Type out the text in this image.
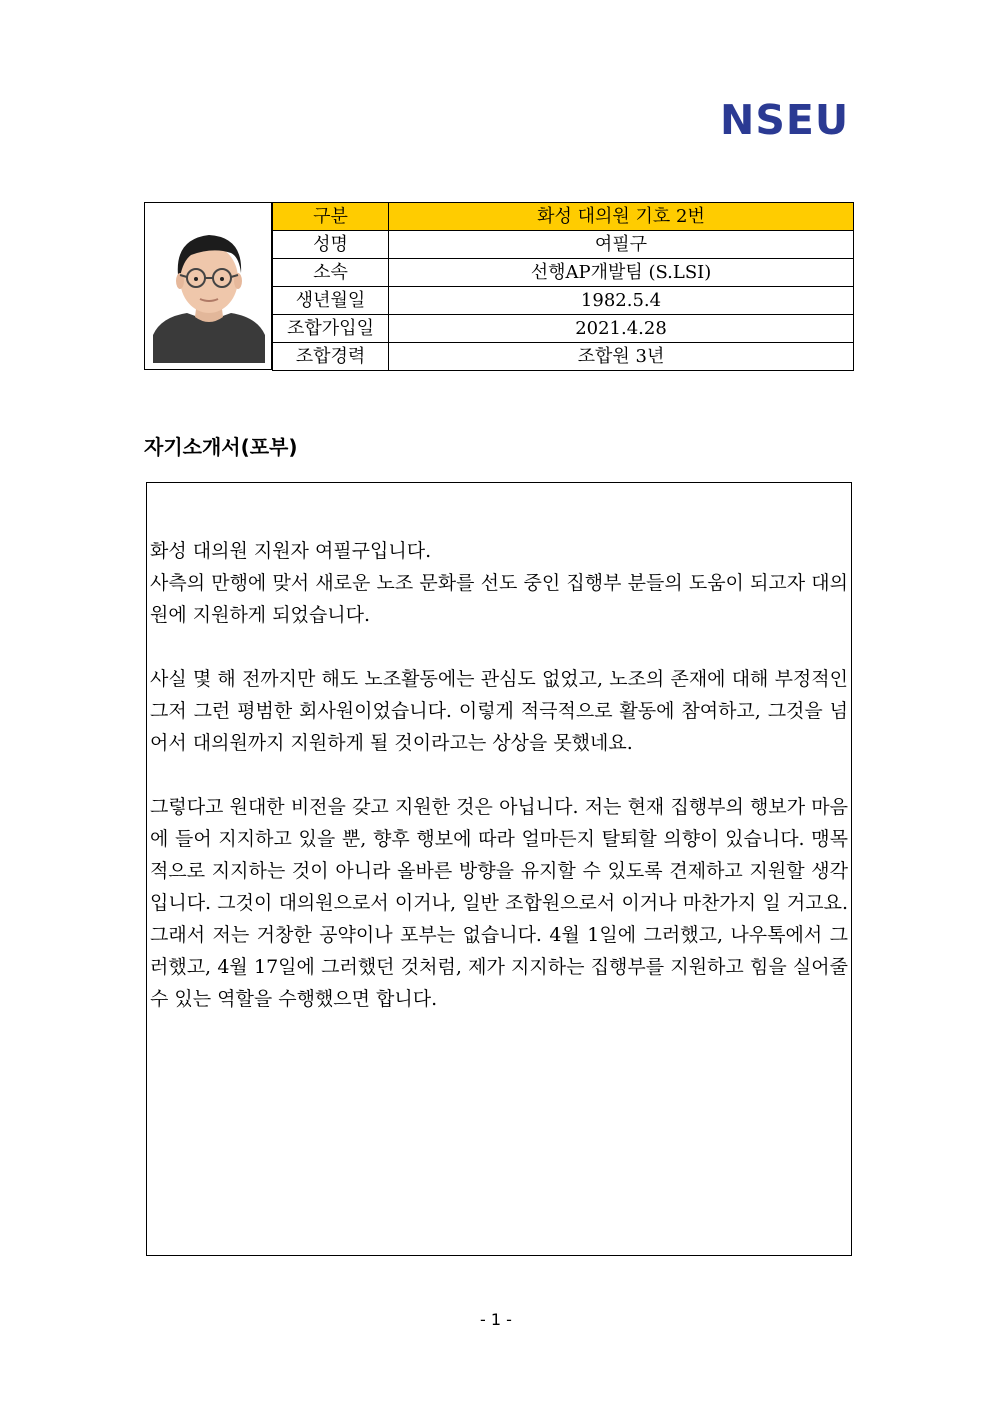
NSEU
구분	화성 대의원 기호 2번
성명	여필구
소속	선행AP개발팀 (S.LSI)
생년월일	1982.5.4
조합가입일	2021.4.28
조합경력	조합원 3년
자기소개서(포부)

화성 대의원 지원자 여필구입니다.
사측의 만행에 맞서 새로운 노조 문화를 선도 중인 집행부 분들의 도움이 되고자 대의원에 지원하게 되었습니다.

사실 몇 해 전까지만 해도 노조활동에는 관심도 없었고, 노조의 존재에 대해 부정적인 그저 그런 평범한 회사원이었습니다. 이렇게 적극적으로 활동에 참여하고, 그것을 넘어서 대의원까지 지원하게 될 것이라고는 상상을 못했네요.

그렇다고 원대한 비전을 갖고 지원한 것은 아닙니다. 저는 현재 집행부의 행보가 마음에 들어 지지하고 있을 뿐, 향후 행보에 따라 얼마든지 탈퇴할 의향이 있습니다. 맹목적으로 지지하는 것이 아니라 올바른 방향을 유지할 수 있도록 견제하고 지원할 생각입니다. 그것이 대의원으로서 이거나, 일반 조합원으로서 이거나 마찬가지 일 거고요. 그래서 저는 거창한 공약이나 포부는 없습니다. 4월 1일에 그러했고, 나우톡에서 그러했고, 4월 17일에 그러했던 것처럼, 제가 지지하는 집행부를 지원하고 힘을 실어줄 수 있는 역할을 수행했으면 합니다.

- 1 -
